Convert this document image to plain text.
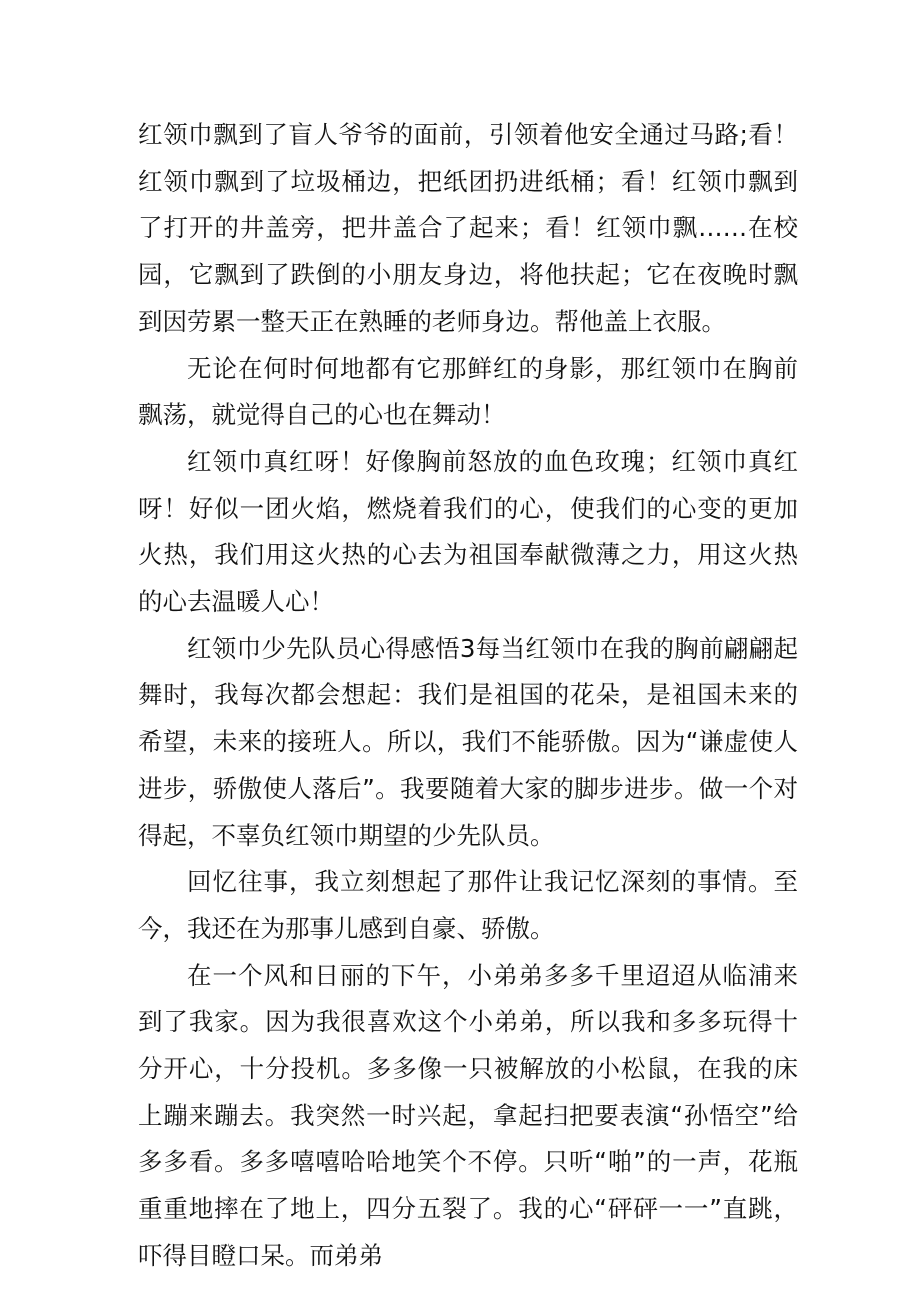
红领巾飘到了盲人爷爷的面前，引领着他安全通过马路;看！红领巾飘到了垃圾桶边，把纸团扔进纸桶；看！红领巾飘到了打开的井盖旁，把井盖合了起来；看！红领巾飘……在校园，它飘到了跌倒的小朋友身边，将他扶起；它在夜晚时飘到因劳累一整天正在熟睡的老师身边。帮他盖上衣服。

无论在何时何地都有它那鲜红的身影，那红领巾在胸前飘荡，就觉得自己的心也在舞动！

红领巾真红呀！好像胸前怒放的血色玫瑰；红领巾真红呀！好似一团火焰，燃烧着我们的心，使我们的心变的更加火热，我们用这火热的心去为祖国奉献微薄之力，用这火热的心去温暖人心！

红领巾少先队员心得感悟3每当红领巾在我的胸前翩翩起舞时，我每次都会想起：我们是祖国的花朵，是祖国未来的希望，未来的接班人。所以，我们不能骄傲。因为“谦虚使人进步，骄傲使人落后”。我要随着大家的脚步进步。做一个对得起，不辜负红领巾期望的少先队员。

回忆往事，我立刻想起了那件让我记忆深刻的事情。至今，我还在为那事儿感到自豪、骄傲。

在一个风和日丽的下午，小弟弟多多千里迢迢从临浦来到了我家。因为我很喜欢这个小弟弟，所以我和多多玩得十分开心，十分投机。多多像一只被解放的小松鼠，在我的床上蹦来蹦去。我突然一时兴起，拿起扫把要表演“孙悟空”给多多看。多多嘻嘻哈哈地笑个不停。只听“啪”的一声，花瓶重重地摔在了地上，四分五裂了。我的心“砰砰一一”直跳，吓得目瞪口呆。而弟弟
